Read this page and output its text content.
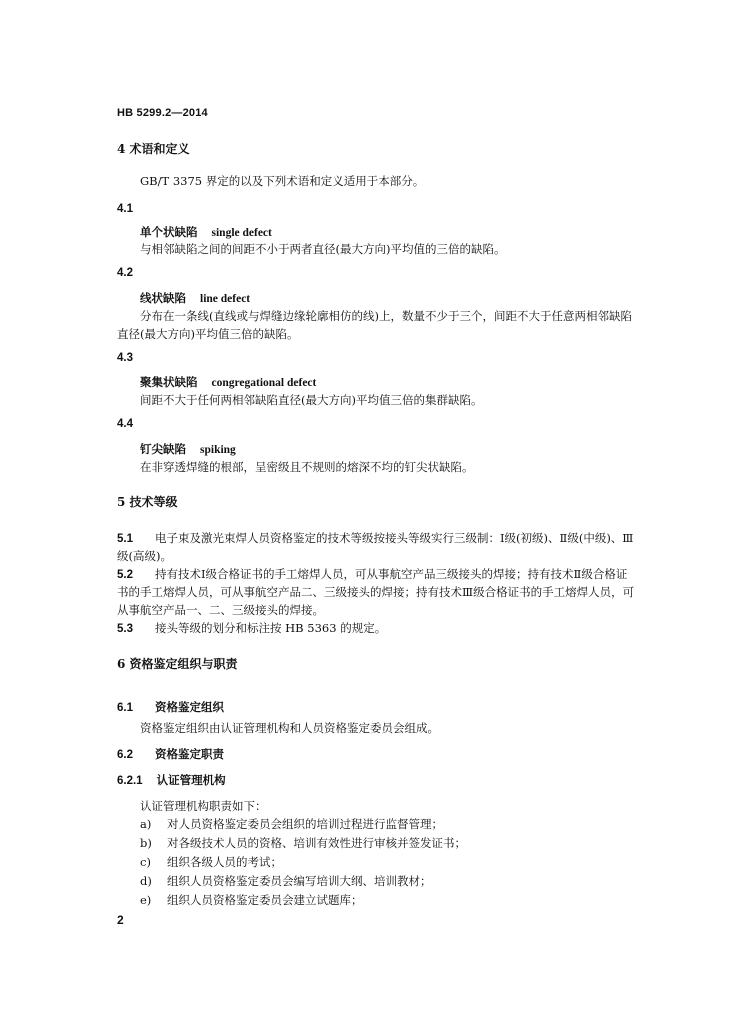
HB 5299.2—2014
4 术语和定义
GB/T 3375 界定的以及下列术语和定义适用于本部分。
4.1
单个状缺陷 single defect
与相邻缺陷之间的间距不小于两者直径(最大方向)平均值的三倍的缺陷。
4.2
线状缺陷 line defect
分布在一条线(直线或与焊缝边缘轮廓相仿的线)上，数量不少于三个，间距不大于任意两相邻缺陷
直径(最大方向)平均值三倍的缺陷。
4.3
聚集状缺陷 congregational defect
间距不大于任何两相邻缺陷直径(最大方向)平均值三倍的集群缺陷。
4.4
钉尖缺陷 spiking
在非穿透焊缝的根部，呈密级且不规则的熔深不均的钉尖状缺陷。
5 技术等级
5.1 电子束及激光束焊人员资格鉴定的技术等级按接头等级实行三级制：Ⅰ级(初级)、Ⅱ级(中级)、Ⅲ
级(高级)。
5.2 持有技术Ⅰ级合格证书的手工熔焊人员，可从事航空产品三级接头的焊接；持有技术Ⅱ级合格证
书的手工熔焊人员，可从事航空产品二、三级接头的焊接；持有技术Ⅲ级合格证书的手工熔焊人员，可
从事航空产品一、二、三级接头的焊接。
5.3 接头等级的划分和标注按 HB 5363 的规定。
6 资格鉴定组织与职责
6.1 资格鉴定组织
资格鉴定组织由认证管理机构和人员资格鉴定委员会组成。
6.2 资格鉴定职责
6.2.1 认证管理机构
认证管理机构职责如下：
a) 对人员资格鉴定委员会组织的培训过程进行监督管理；
b) 对各级技术人员的资格、培训有效性进行审核并签发证书；
c) 组织各级人员的考试；
d) 组织人员资格鉴定委员会编写培训大纲、培训教材；
e) 组织人员资格鉴定委员会建立试题库；
2
